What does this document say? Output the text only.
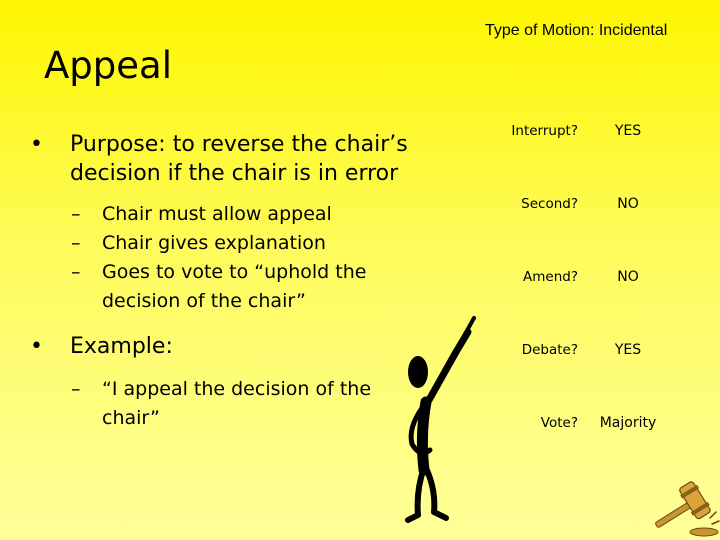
Appeal
Type of Motion: Incidental
• Purpose: to reverse the chair’s decision if the chair is in error
– Chair must allow appeal
– Chair gives explanation
– Goes to vote to “uphold the decision of the chair”
• Example:
– “I appeal the decision of the chair”
Interrupt?	YES
Second?	NO
Amend?	NO
Debate?	YES
Vote?	Majority
